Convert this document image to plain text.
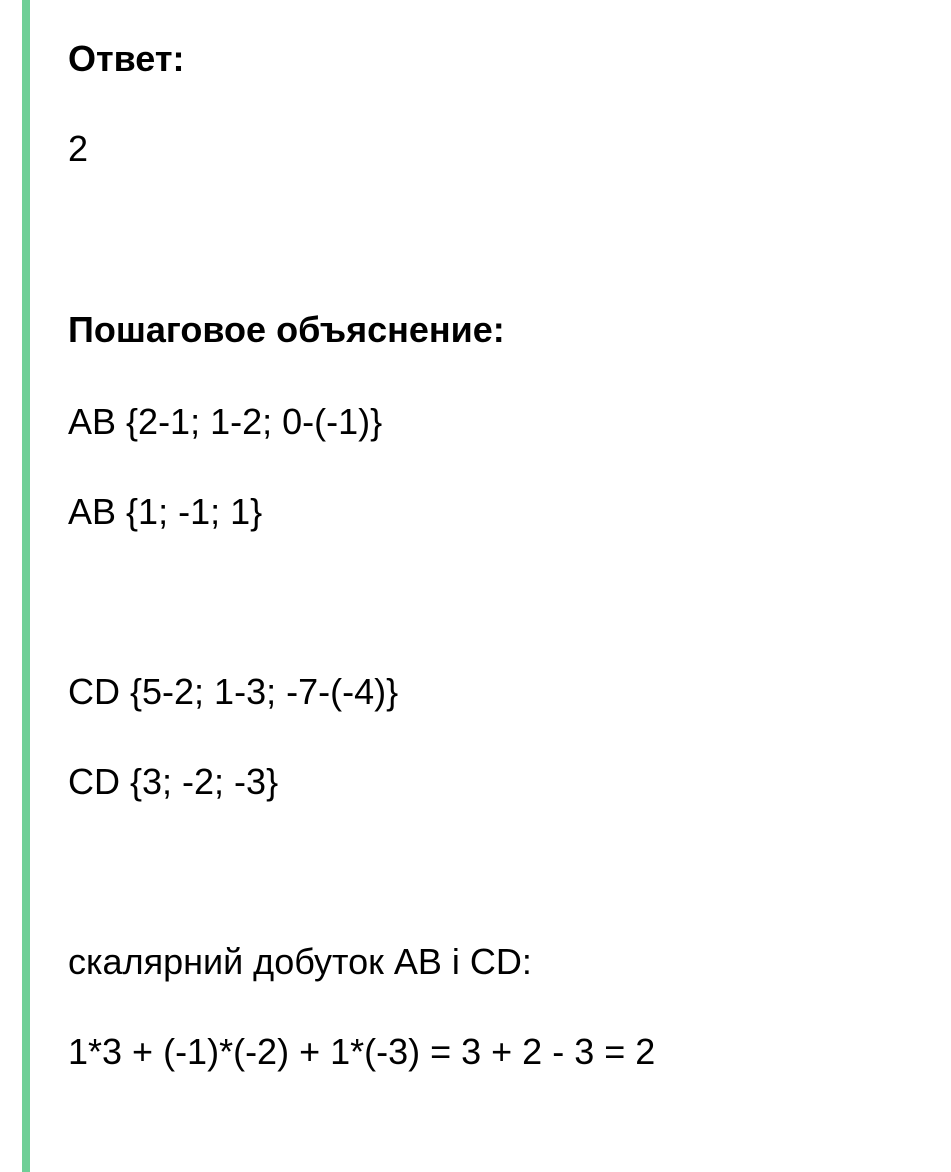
Ответ:
2
Пошаговое объяснение:
AB {2-1; 1-2; 0-(-1)}
AB {1; -1; 1}
CD {5-2; 1-3; -7-(-4)}
CD {3; -2; -3}
скалярний добуток AB і CD:
1*3 + (-1)*(-2) + 1*(-3) = 3 + 2 - 3 = 2
